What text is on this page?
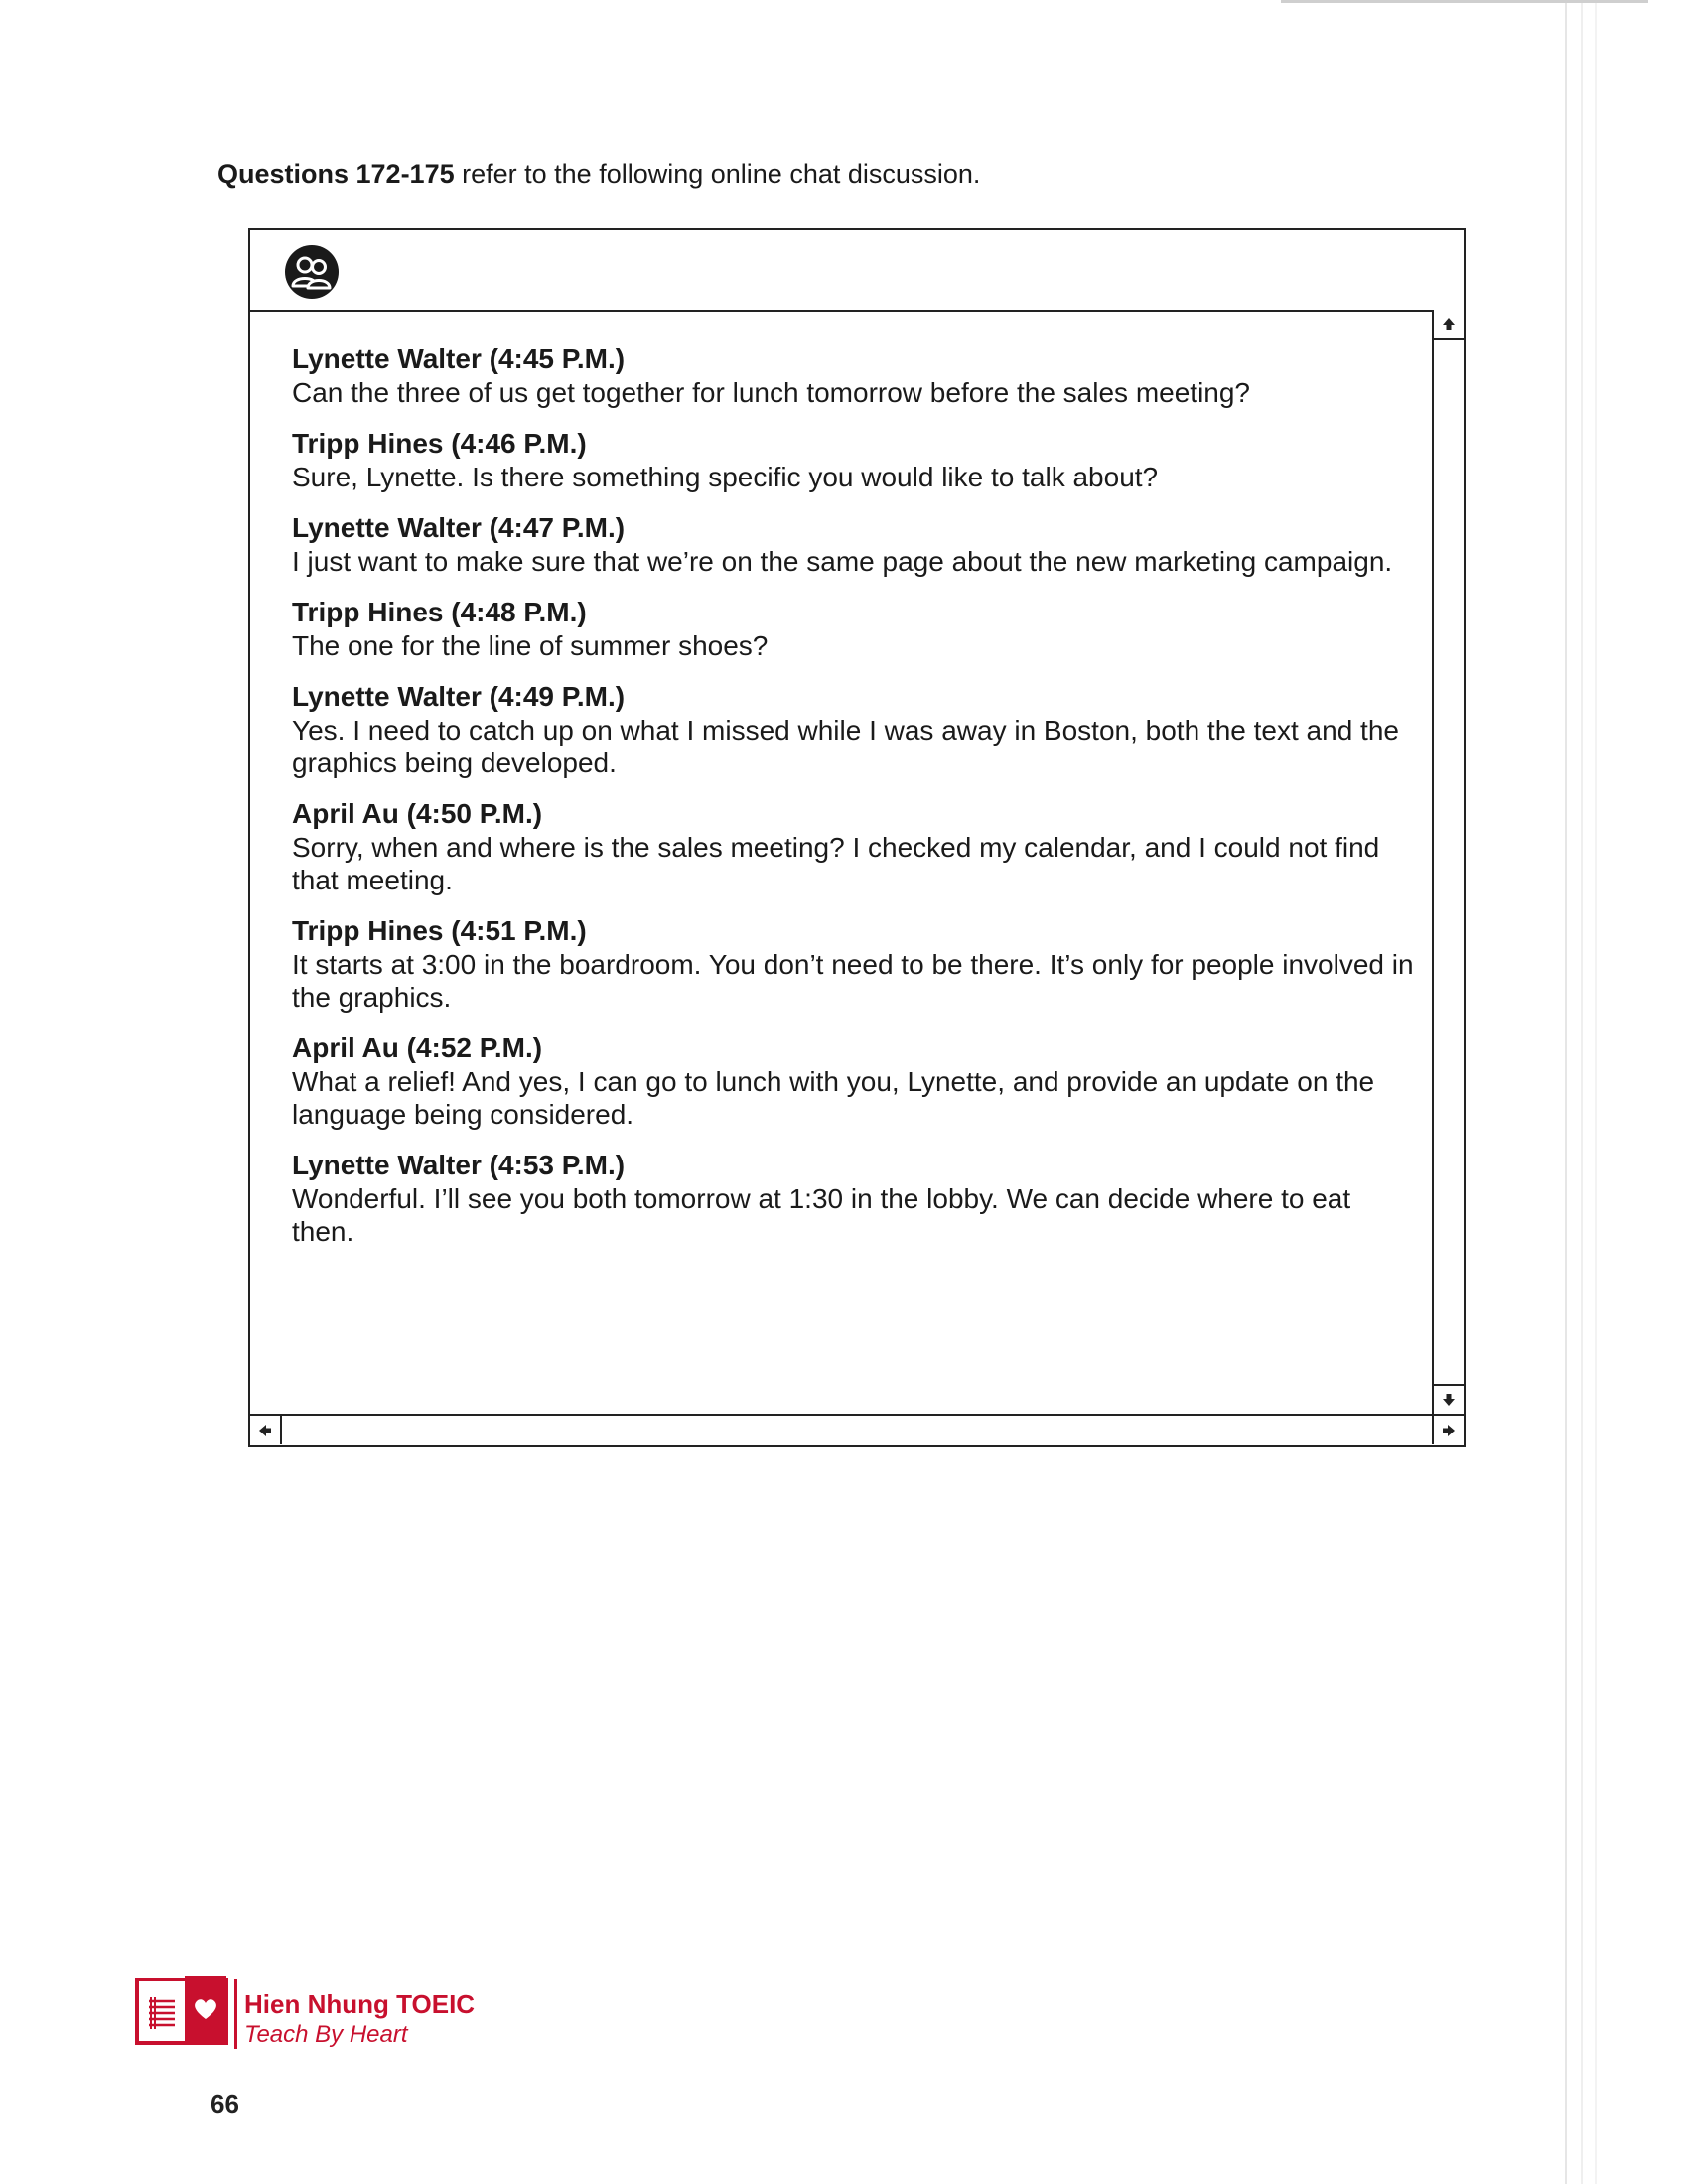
Questions 172-175 refer to the following online chat discussion.
Lynette Walter (4:45 P.M.)
Can the three of us get together for lunch tomorrow before the sales meeting?
Tripp Hines (4:46 P.M.)
Sure, Lynette. Is there something specific you would like to talk about?
Lynette Walter (4:47 P.M.)
I just want to make sure that we’re on the same page about the new marketing campaign.
Tripp Hines (4:48 P.M.)
The one for the line of summer shoes?
Lynette Walter (4:49 P.M.)
Yes. I need to catch up on what I missed while I was away in Boston, both the text and the graphics being developed.
April Au (4:50 P.M.)
Sorry, when and where is the sales meeting? I checked my calendar, and I could not find that meeting.
Tripp Hines (4:51 P.M.)
It starts at 3:00 in the boardroom. You don’t need to be there. It’s only for people involved in the graphics.
April Au (4:52 P.M.)
What a relief! And yes, I can go to lunch with you, Lynette, and provide an update on the language being considered.
Lynette Walter (4:53 P.M.)
Wonderful. I’ll see you both tomorrow at 1:30 in the lobby. We can decide where to eat then.
Hien Nhung TOEIC
Teach By Heart
66
